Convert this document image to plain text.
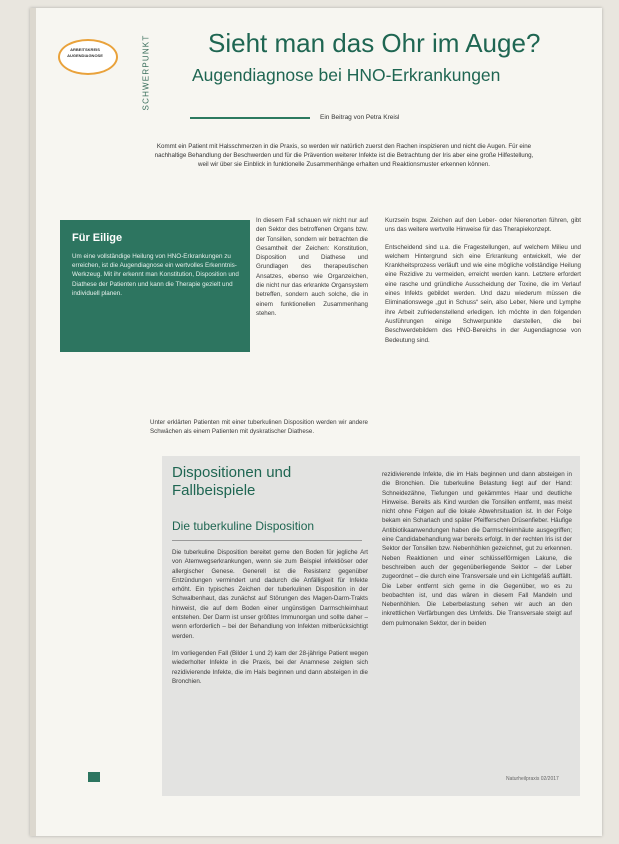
ARBEITSKREIS
AUGENDIAGNOSE	SCHWERPUNKT Sieht man das Ohr im Auge?
Augendiagnose bei HNO-Erkrankungen
Ein Beitrag von Petra Kreisl
Kommt ein Patient mit Halsschmerzen in die Praxis, so werden wir natürlich zuerst den Rachen inspizieren und nicht die Augen. Für eine nachhaltige Behandlung der Beschwerden und für die Prävention weiterer Infekte ist die Betrachtung der Iris aber eine große Hilfestellung, weil wir über sie Einblick in funktionelle Zusammenhänge erhalten und Reaktionsmuster erkennen können.
Für Eilige
Um eine vollständige Heilung von HNO-Erkrankungen zu erreichen, ist die Augendiagnose ein wertvolles Erkenntnis-Werkzeug. Mit ihr erkennt man Konstitution, Disposition und Diathese der Patienten und kann die Therapie gezielt und individuell planen.

In diesem Fall schauen wir nicht nur auf den Sektor des betroffenen Organs bzw. der Tonsillen, sondern wir betrachten die Gesamtheit der Zeichen: Konstitution, Disposition und Diathese und Grundlagen des therapeutischen Ansatzes, ebenso wie Organzeichen, die nicht nur das erkrankte Organsystem betreffen, sondern auch solche, die in einem funktionellen Zusammenhang stehen.

Unter erklärten Patienten mit einer tuberkulinen Disposition werden wir andere Schwächen als einem Patienten mit dyskratischer Diathese.

Kurzsein bspw. Zeichen auf den Leber- oder Nierenorten führen, gibt uns das weitere wertvolle Hinweise für das Therapiekonzept.

Entscheidend sind u.a. die Fragestellungen, auf welchem Milieu und welchem Hintergrund sich eine Erkrankung entwickelt, wie der Krankheitsprozess verläuft und wie eine mögliche vollständige Heilung eine Rezidive zu vermeiden, erreicht werden kann. Letztere erfordert eine rasche und gründliche Ausscheidung der Toxine, die im Verlauf eines Infekts gebildet werden. Und dazu wiederum müssen die Eliminationswege „gut in Schuss“ sein, also Leber, Niere und Lymphe ihre Arbeit zufriedenstellend erledigen. Ich möchte in den folgenden Ausführungen einige Schwerpunkte darstellen, die bei Beschwerdebildern des HNO-Bereichs in der Augendiagnose von Bedeutung sind.

Dispositionen und Fallbeispiele
Die tuberkuline Disposition

Die tuberkuline Disposition bereitet gerne den Boden für jegliche Art von Atemwegserkrankungen, wenn sie zum Beispiel infektiöser oder allergischer Genese. Generell ist die Resistenz gegenüber Entzündungen vermindert und dadurch die Anfälligkeit für Infekte erhöht. Ein typisches Zeichen der tuberkulinen Disposition in der Schwalbenhaut, das zunächst auf Störungen des Magen-Darm-Trakts hinweist, die auf dem Boden einer ungünstigen Darmschleimhaut entstehen. Der Darm ist unser größtes Immunorgan und sollte daher – wenn erforderlich – bei der Behandlung von Infekten mitberücksichtigt werden.

Im vorliegenden Fall (Bilder 1 und 2) kam der 28-jährige Patient wegen wiederholter Infekte in die Praxis, bei der Anamnese zeigten sich rezidivierende Infekte, die im Hals beginnen und dann absteigen in die Bronchien.

rezidivierende Infekte, die im Hals beginnen und dann absteigen in die Bronchien. Die tuberkuline Belastung liegt auf der Hand: Schneidezähne, Tiefungen und gekämmtes Haar und deutliche Hinweise. Bereits als Kind wurden die Tonsillen entfernt, was meist nicht ohne Folgen auf die lokale Abwehrsituation ist. In der Folge bekam ein Scharlach und später Pfeifferschen Drüsenfieber. Häufige Antibiotikaanwendungen haben die Darmschleimhäute ausgegriffen; eine Candidabehandlung war bereits erfolgt. In der rechten Iris ist der Sektor der Tonsillen bzw. Nebenhöhlen gezeichnet, gut zu erkennen. Neben Reaktionen und einer schlüsselförmigen Lakune, die beschreiben auch der gegenüberliegende Sektor – der Leber zugeordnet – die durch eine Transversale und ein Lichtgefäß auffällt. Die Leber entfernt sich gerne in die Gegenüber, wo es zu beobachten ist, und das wären in diesem Fall Mandeln und Nebenhöhlen. Die Leberbelastung sehen wir auch an den inkrettlichen Verfärbungen des Umfelds. Die Transversale steigt auf dem pulmonalen Sektor, der in beiden

Naturheilpraxis 02/2017
